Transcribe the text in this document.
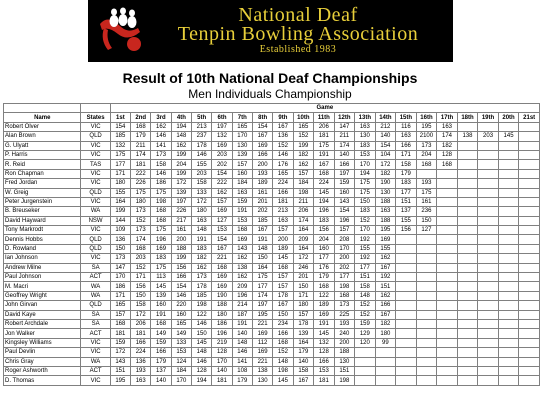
National Deaf
Tenpin Bowling Association
Established 1983
Result of 10th National Deaf Championships
Men Individuals Championship
		Game																				
Name	States	1st	2nd	3rd	4th	5th	6th	7th	8th	9th	10th	11th	12th	13th	14th	15th	16th	17th	18th	19th	20th	21st
Robert Olver	VIC	154	168	162	194	213	197	165	154	167	165	206	147	163	212	116	195	163				
Alan Brown	QLD	185	179	146	148	237	132	170	167	136	152	181	211	130	140	163	2100	174	138	203	145	
G. Ulyatt	VIC	132	211	141	162	178	169	130	169	152	199	175	174	183	154	166	173	182				
P. Harris	VIC	175	174	173	199	146	203	139	166	146	182	191	140	153	104	171	204	128				
R. Reid	TAS	177	181	158	204	155	202	157	200	176	162	167	166	170	172	158	168	168				
Ron Chapman	VIC	171	222	146	199	203	154	160	193	165	157	168	197	194	182	179						
Fred Jordan	VIC	180	226	186	172	158	222	184	189	224	184	224	159	175	190	183	193					
W. Greig	QLD	155	175	175	139	133	162	163	161	166	198	145	160	175	130	177	175					
Peter Jurgenstein	VIC	164	180	198	197	172	157	159	201	181	211	194	143	150	188	151	161					
B. Breuseker	WA	199	173	168	226	180	169	191	202	213	206	196	154	183	163	137	236					
David Hayward	NSW	144	152	168	217	163	127	153	185	163	174	183	196	152	188	155	150					
Tony Markrodt	VIC	109	173	175	161	148	153	168	167	157	164	156	157	170	195	156	127					
Dennis Hobbs	QLD	136	174	196	200	191	154	169	191	200	209	204	208	192	169							
D. Rowland	QLD	150	168	169	188	183	167	143	148	189	164	160	170	155	155							
Ian Johnson	VIC	173	203	183	199	182	221	162	150	145	172	177	200	192	162							
Andrew Milne	SA	147	152	175	156	162	168	138	164	168	246	176	202	177	167							
Paul Johnson	ACT	170	171	113	166	173	169	162	175	157	201	179	177	151	192							
M. Macri	WA	186	156	145	154	178	169	209	177	157	150	168	198	158	151							
Geoffrey Wright	WA	171	150	139	146	185	190	196	174	178	171	122	168	148	162							
John Girvan	QLD	165	158	160	220	198	188	214	197	167	180	189	173	152	166							
David Kaye	SA	157	172	191	160	122	180	187	195	150	157	169	225	152	167							
Robert Archdale	SA	168	206	168	165	146	186	191	221	234	178	191	193	159	182							
Jon Walker	ACT	181	181	149	149	150	196	140	169	166	139	145	240	129	180							
Kingsley Williams	VIC	159	166	159	133	145	219	148	112	168	164	132	200	120	99							
Paul Devlin	VIC	172	224	166	153	148	128	146	169	152	179	128	188									
Chris Gray	WA	143	136	179	124	146	170	141	221	148	140	166	130									
Roger Ashworth	ACT	151	193	137	184	128	140	108	138	198	158	153	151									
D. Thomas	VIC	195	163	140	170	194	181	179	130	145	167	181	198									
